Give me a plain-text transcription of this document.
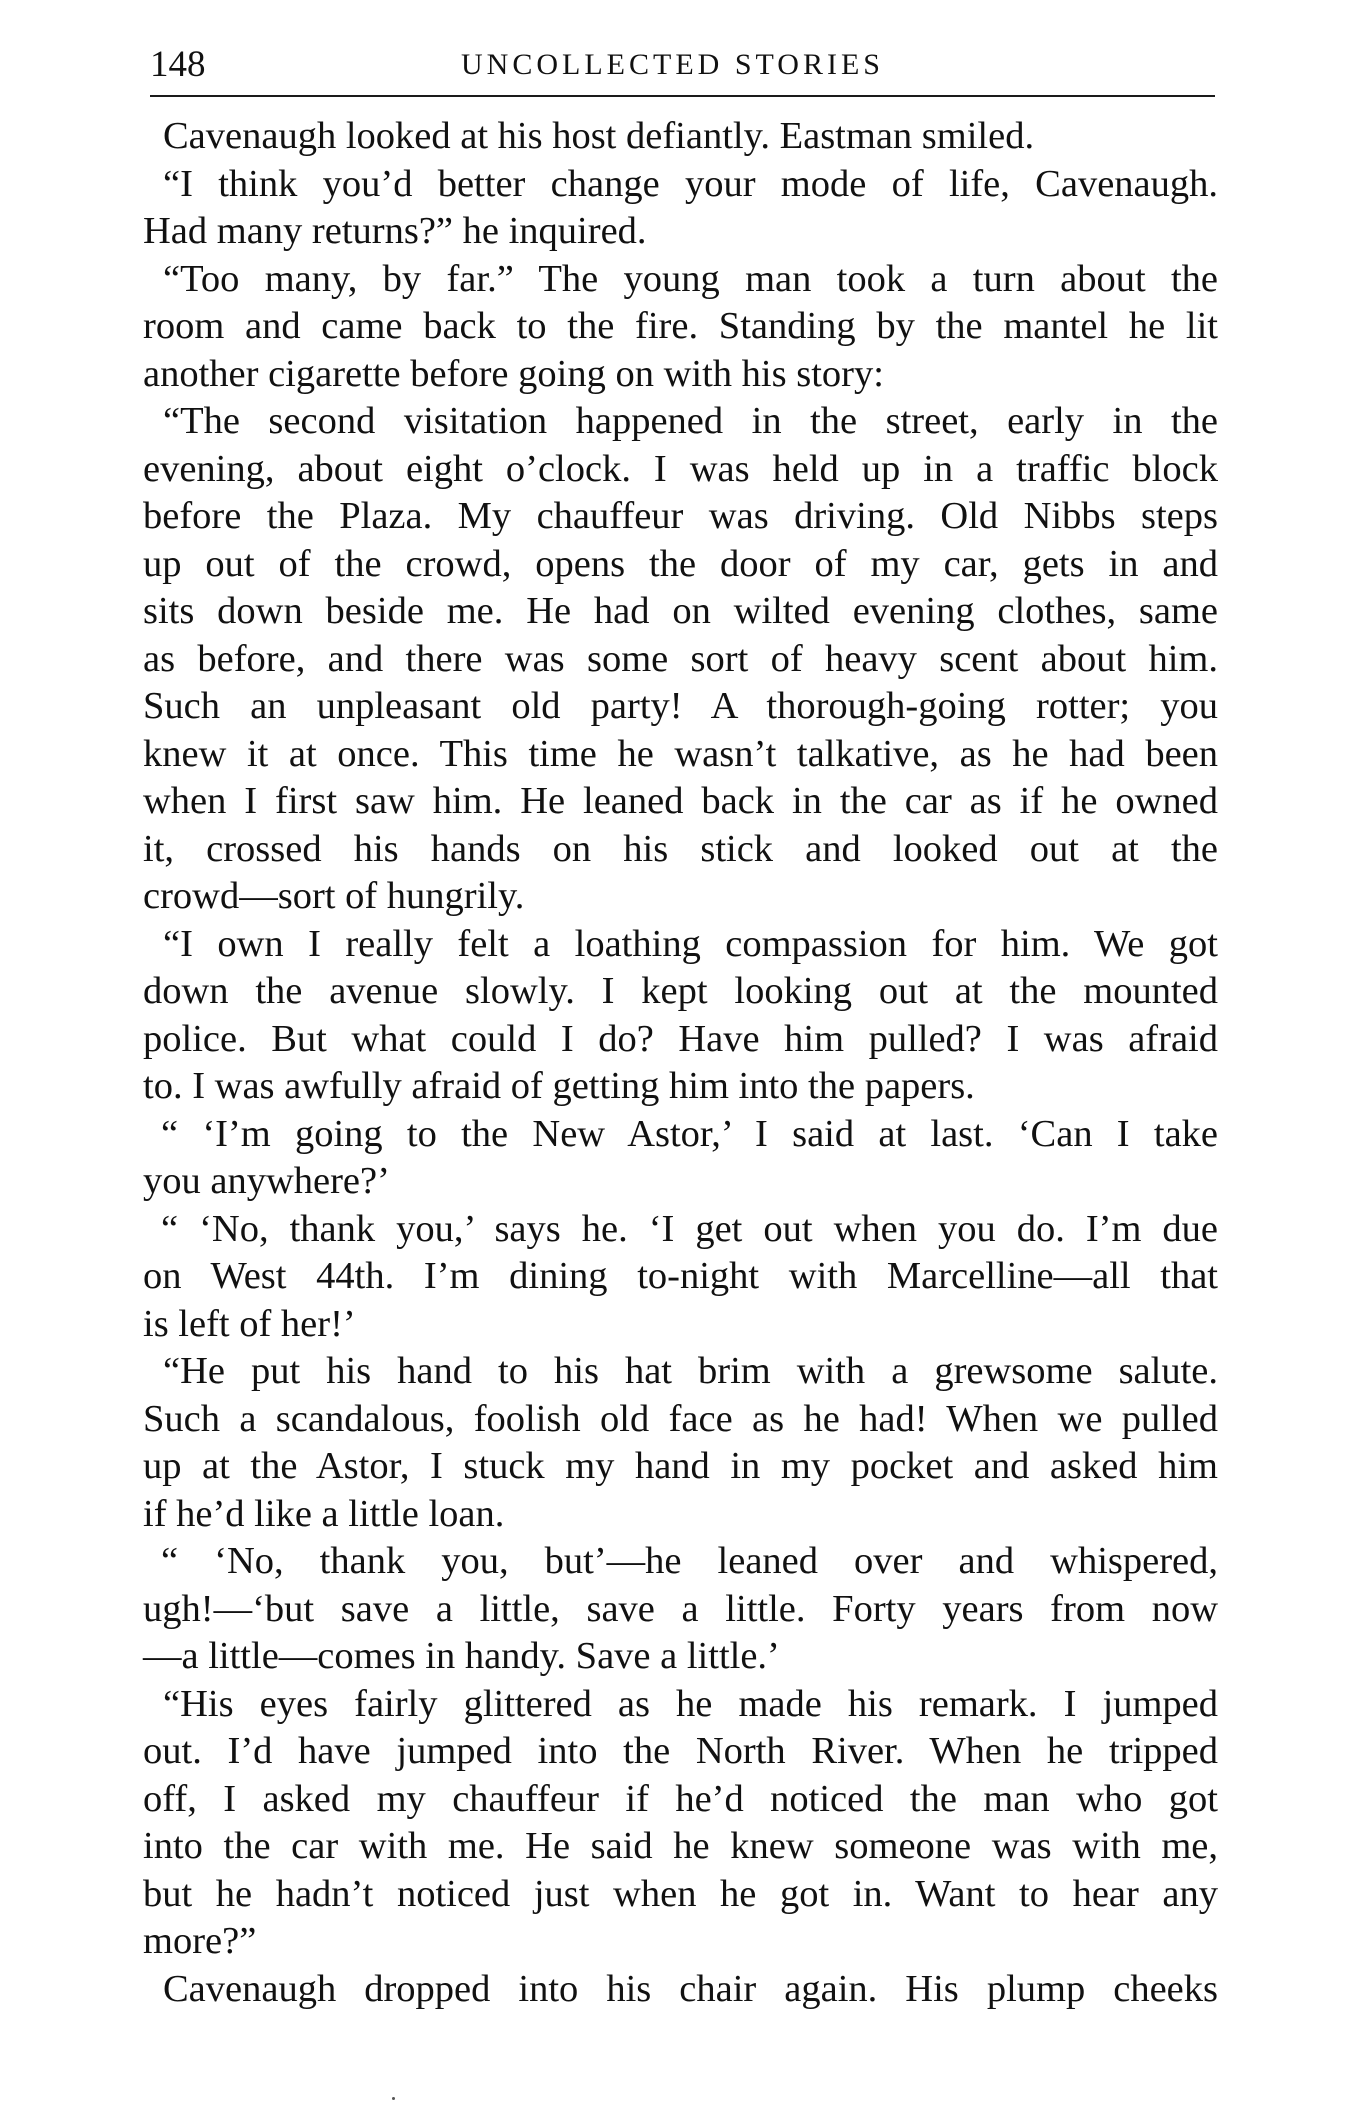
148	UNCOLLECTED STORIES
Cavenaugh looked at his host defiantly. Eastman smiled.
“I think you’d better change your mode of life, Cavenaugh.
Had many returns?” he inquired.
“Too many, by far.” The young man took a turn about the
room and came back to the fire. Standing by the mantel he lit
another cigarette before going on with his story:
“The second visitation happened in the street, early in the
evening, about eight o’clock. I was held up in a traffic block
before the Plaza. My chauffeur was driving. Old Nibbs steps
up out of the crowd, opens the door of my car, gets in and
sits down beside me. He had on wilted evening clothes, same
as before, and there was some sort of heavy scent about him.
Such an unpleasant old party! A thorough-going rotter; you
knew it at once. This time he wasn’t talkative, as he had been
when I first saw him. He leaned back in the car as if he owned
it, crossed his hands on his stick and looked out at the
crowd—sort of hungrily.
“I own I really felt a loathing compassion for him. We got
down the avenue slowly. I kept looking out at the mounted
police. But what could I do? Have him pulled? I was afraid
to. I was awfully afraid of getting him into the papers.
“ ‘I’m going to the New Astor,’ I said at last. ‘Can I take
you anywhere?’
“ ‘No, thank you,’ says he. ‘I get out when you do. I’m due
on West 44th. I’m dining to-night with Marcelline—all that
is left of her!’
“He put his hand to his hat brim with a grewsome salute.
Such a scandalous, foolish old face as he had! When we pulled
up at the Astor, I stuck my hand in my pocket and asked him
if he’d like a little loan.
“ ‘No, thank you, but’—he leaned over and whispered,
ugh!—‘but save a little, save a little. Forty years from now
—a little—comes in handy. Save a little.’
“His eyes fairly glittered as he made his remark. I jumped
out. I’d have jumped into the North River. When he tripped
off, I asked my chauffeur if he’d noticed the man who got
into the car with me. He said he knew someone was with me,
but he hadn’t noticed just when he got in. Want to hear any
more?”
Cavenaugh dropped into his chair again. His plump cheeks
